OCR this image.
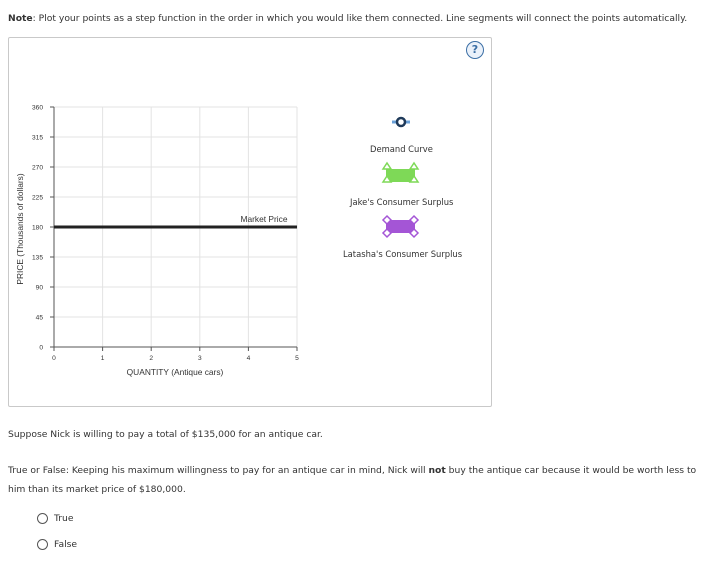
Note: Plot your points as a step function in the order in which you would like them connected. Line segments will connect the points automatically.
?
PRICE (Thousands of dollars)
QUANTITY (Antique cars)
360
315
270
225
180
135
90
45
0
0	1	2	3	4	5
Market Price
Demand Curve
Jake's Consumer Surplus
Latasha's Consumer Surplus
Suppose Nick is willing to pay a total of $135,000 for an antique car.
True or False: Keeping his maximum willingness to pay for an antique car in mind, Nick will not buy the antique car because it would be worth less to him than its market price of $180,000.
True
False
